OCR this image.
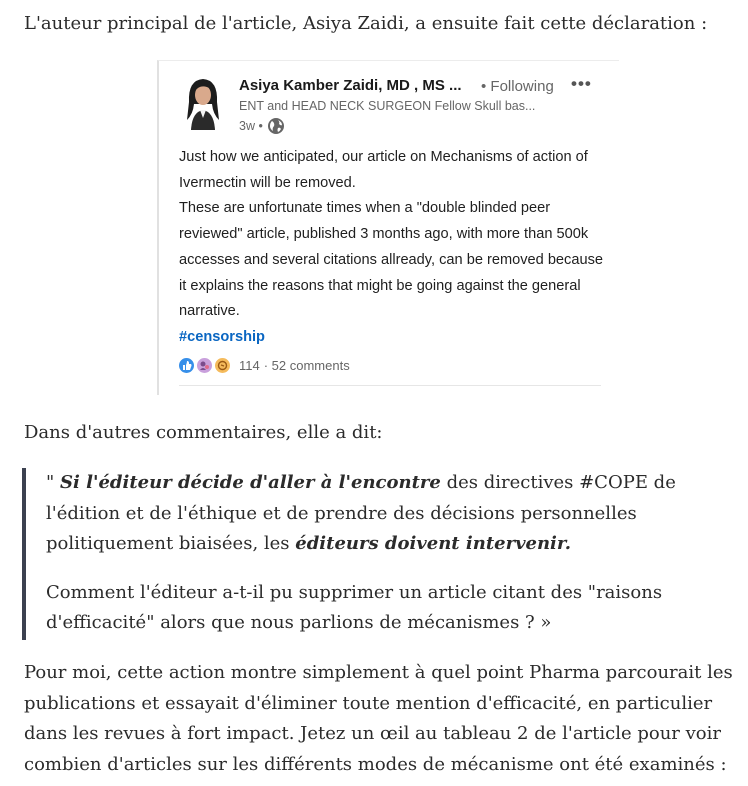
L'auteur principal de l'article, Asiya Zaidi, a ensuite fait cette déclaration :

Asiya Kamber Zaidi, MD , MS ... • Following •••
ENT and HEAD NECK SURGEON Fellow Skull bas...
3w •

Just how we anticipated, our article on Mechanisms of action of Ivermectin will be removed.

These are unfortunate times when a "double blinded peer reviewed" article, published 3 months ago, with more than 500k accesses and several citations allready, can be removed because it explains the reasons that might be going against the general narrative.

#censorship

114 · 52 comments

Dans d'autres commentaires, elle a dit:

" Si l'éditeur décide d'aller à l'encontre des directives #COPE de l'édition et de l'éthique et de prendre des décisions personnelles politiquement biaisées, les éditeurs doivent intervenir.

Comment l'éditeur a-t-il pu supprimer un article citant des "raisons d'efficacité" alors que nous parlions de mécanismes ? »

Pour moi, cette action montre simplement à quel point Pharma parcourait les publications et essayait d'éliminer toute mention d'efficacité, en particulier dans les revues à fort impact. Jetez un œil au tableau 2 de l'article pour voir combien d'articles sur les différents modes de mécanisme ont été examinés :
